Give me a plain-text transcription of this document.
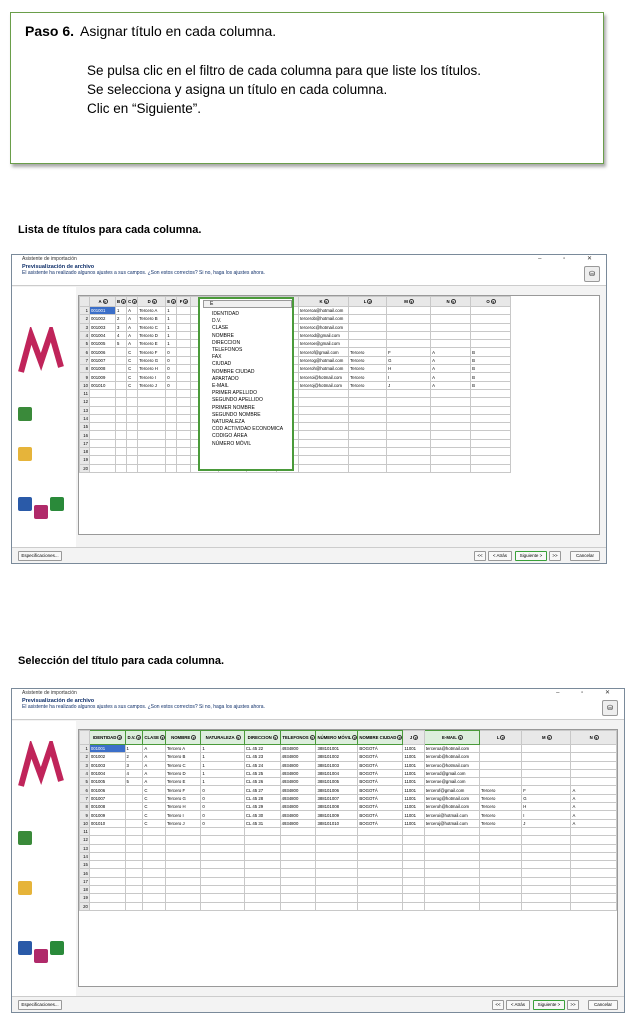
Paso 6. Asignar título en cada columna.
Se pulsa clic en el filtro de cada columna para que liste los títulos.
Se selecciona y asigna un título en cada columna.
Clic en “Siguiente”.
Lista de títulos para cada columna.
Asistente de importación	– ▫ ✕
Previsualización de archivo
El asistente ha realizado algunos ajustes a sus campos. ¿Son estos correctos? Si no, haga los ajustes ahora.	⛁
	A ▾	B ▾	C ▾	D ▾	E ▾	F ▾					K ▾	L ▾	M ▾	N ▾	O ▾
1	001001	1	A	Tercero A	1						terceroa@hotmail.com				
2	001002	2	A	Tercero B	1						tercerob@hotmail.com				
3	001003	3	A	Tercero C	1						terceroc@hotmail.com				
4	001004	4	A	Tercero D	1						tercerod@gmail.com				
5	001005	5	A	Tercero E	1						terceroe@gmail.com				
6	001006		C	Tercero F	0						tercerof@gmail.com	Tercero	F	A	B
7	001007		C	Tercero G	0						tercerog@hotmail.com	Tercero	G	A	B
8	001008		C	Tercero H	0						terceroh@hotmail.com	Tercero	H	A	B
9	001009		C	Tercero I	0						terceroi@hotmail.com	Tercero	I	A	B
10	001010		C	Tercero J	0						terceroj@hotmail.com	Tercero	J	A	B
11															
12															
13															
14															
15															
16															
17															
18															
19															
20															
Especificaciones...	<<	< Atrás	Siguiente >	>>	Cancelar
E
IDENTIDAD
D.V.
CLASE
NOMBRE
DIRECCION
TELEFONOS
FAX
CIUDAD
NOMBRE CIUDAD
APARTADO
E-MAIL
PRIMER APELLIDO
SEGUNDO APELLIDO
PRIMER NOMBRE
SEGUNDO NOMBRE
NATURALEZA
COD ACTIVIDAD ECONOMICA
CODIGO ÁREA
NÚMERO MÓVIL
Selección del título para cada columna.
Asistente de importación	– ▫ ✕
Previsualización de archivo
El asistente ha realizado algunos ajustes a sus campos. ¿Son estos correctos? Si no, haga los ajustes ahora.	⛁
	IDENTIDAD ▾	D.V. ▾	CLASE ▾	NOMBRE ▾	NATURALEZA ▾	DIRECCION ▾	TELEFONOS ▾	NÚMERO MÓVIL ▾	NOMBRE CIUDAD ▾	J ▾	E-MAIL ▾	L ▾	M ▾	N ▾
1	001001	1	A	Tercero A	1	CL 45 22	4934800	388101001	BOGOTÁ	11001	terceroa@hotmail.com			
2	001002	2	A	Tercero B	1	CL 45 23	4934800	388101002	BOGOTÁ	11001	tercerob@hotmail.com			
3	001003	3	A	Tercero C	1	CL 45 24	4934800	388101003	BOGOTÁ	11001	terceroc@hotmail.com			
4	001004	4	A	Tercero D	1	CL 45 25	4934800	388101004	BOGOTÁ	11001	tercerod@gmail.com			
5	001005	5	A	Tercero E	1	CL 45 26	4934800	388101005	BOGOTÁ	11001	terceroe@gmail.com			
6	001006		C	Tercero F	0	CL 45 27	4934800	388101006	BOGOTÁ	11001	tercerof@gmail.com	Tercero	F	A
7	001007		C	Tercero G	0	CL 45 28	4934800	388101007	BOGOTÁ	11001	tercerog@hotmail.com	Tercero	G	A
8	001008		C	Tercero H	0	CL 45 29	4934800	388101008	BOGOTÁ	11001	terceroh@hotmail.com	Tercero	H	A
9	001009		C	Tercero I	0	CL 45 30	4934800	388101009	BOGOTÁ	11001	terceroi@hotmail.com	Tercero	I	A
10	001010		C	Tercero J	0	CL 45 31	4934800	388101010	BOGOTÁ	11001	terceroj@hotmail.com	Tercero	J	A
11														
12														
13														
14														
15														
16														
17														
18														
19														
20														
Especificaciones...	<<	< Atrás	Siguiente >	>>	Cancelar
